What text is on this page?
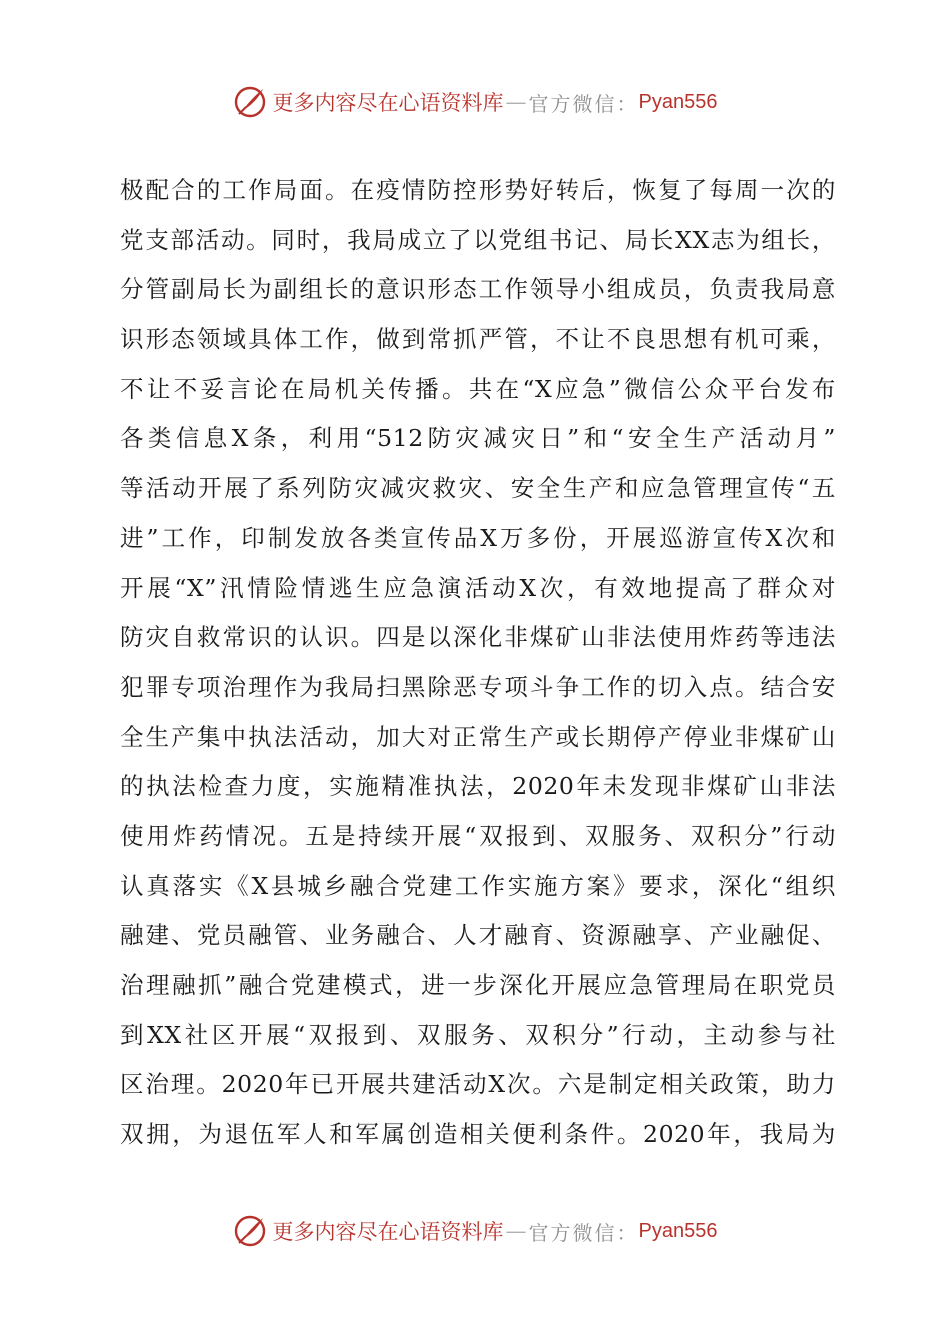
更多内容尽在心语资料库 — 官方微信： Pyan556
极配合的工作局面。在疫情防控形势好转后，恢复了每周一次的
党支部活动。同时，我局成立了以党组书记、局长XX志为组长，
分管副局长为副组长的意识形态工作领导小组成员，负责我局意
识形态领域具体工作，做到常抓严管，不让不良思想有机可乘，
不让不妥言论在局机关传播。共在“X应急”微信公众平台发布
各类信息X条，利用“512防灾减灾日”和“安全生产活动月”
等活动开展了系列防灾减灾救灾、安全生产和应急管理宣传“五
进”工作，印制发放各类宣传品X万多份，开展巡游宣传X次和
开展“X”汛情险情逃生应急演活动X次，有效地提高了群众对
防灾自救常识的认识。四是以深化非煤矿山非法使用炸药等违法
犯罪专项治理作为我局扫黑除恶专项斗争工作的切入点。结合安
全生产集中执法活动，加大对正常生产或长期停产停业非煤矿山
的执法检查力度，实施精准执法，2020年未发现非煤矿山非法
使用炸药情况。五是持续开展“双报到、双服务、双积分”行动
认真落实《X县城乡融合党建工作实施方案》要求，深化“组织
融建、党员融管、业务融合、人才融育、资源融享、产业融促、
治理融抓”融合党建模式，进一步深化开展应急管理局在职党员
到XX社区开展“双报到、双服务、双积分”行动，主动参与社
区治理。2020年已开展共建活动X次。六是制定相关政策，助力
双拥，为退伍军人和军属创造相关便利条件。2020年，我局为
更多内容尽在心语资料库 — 官方微信： Pyan556
